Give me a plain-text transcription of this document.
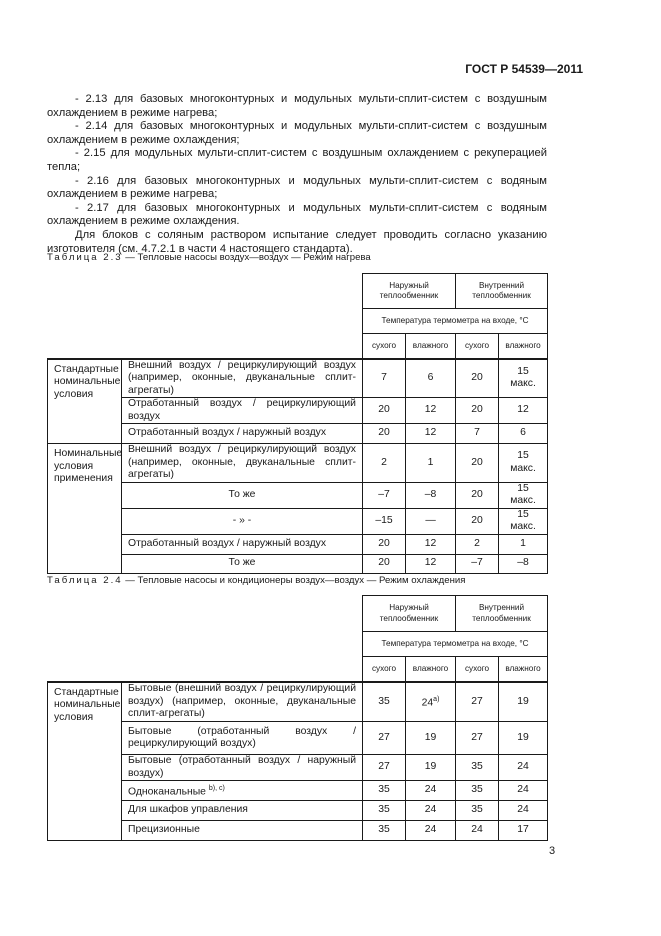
ГОСТ Р 54539—2011

- 2.13 для базовых многоконтурных и модульных мульти-сплит-систем с воздушным охлаждением в режиме нагрева;

- 2.14 для базовых многоконтурных и модульных мульти-сплит-систем с воздушным охлаждением в режиме охлаждения;

- 2.15 для модульных мульти-сплит-систем с воздушным охлаждением с рекуперацией тепла;

- 2.16 для базовых многоконтурных и модульных мульти-сплит-систем с водяным охлаждением в режиме нагрева;

- 2.17 для базовых многоконтурных и модульных мульти-сплит-систем с водяным охлаждением в режиме охлаждения.

Для блоков с соляным раствором испытание следует проводить согласно указанию изготовителя (см. 4.7.2.1 в части 4 настоящего стандарта).

Таблица 2.3 — Тепловые насосы воздух—воздух — Режим нагрева
		Наружный теплообменник		Внутренний теплообменник	
		Температура термометра на входе, °С			
		сухого	влажного	сухого	влажного
Стандартные номинальные условия	Внешний воздух / рециркулирующий воздух (например, оконные, двуканальные сплит-агрегаты)	7	6	20	15 макс.
	Отработанный воздух / рециркулирующий воздух	20	12	20	12
	Отработанный воздух / наружный воздух	20	12	7	6
Номинальные условия применения	Внешний воздух / рециркулирующий воздух (например, оконные, двуканальные сплит-агрегаты)	2	1	20	15 макс.
	То же	–7	–8	20	15 макс.
	- » -	–15	—	20	15 макс.
	Отработанный воздух / наружный воздух	20	12	2	1
	То же	20	12	–7	–8
Таблица 2.4 — Тепловые насосы и кондиционеры воздух—воздух — Режим охлаждения
		Наружный теплообменник		Внутренний теплообменник	
		Температура термометра на входе, °С			
		сухого	влажного	сухого	влажного
Стандартные номинальные условия	Бытовые (внешний воздух / рециркулирующий воздух) (например, оконные, двуканальные сплит-агрегаты)	35	24$^{a)}$	27	19
	Бытовые (отработанный воздух / рециркулирующий воздух)	27	19	27	19
	Бытовые (отработанный воздух / наружный воздух)	27	19	35	24
	Одноканальные $^{b), c)}$	35	24	35	24
	Для шкафов управления	35	24	35	24
	Прецизионные	35	24	24	17
3
